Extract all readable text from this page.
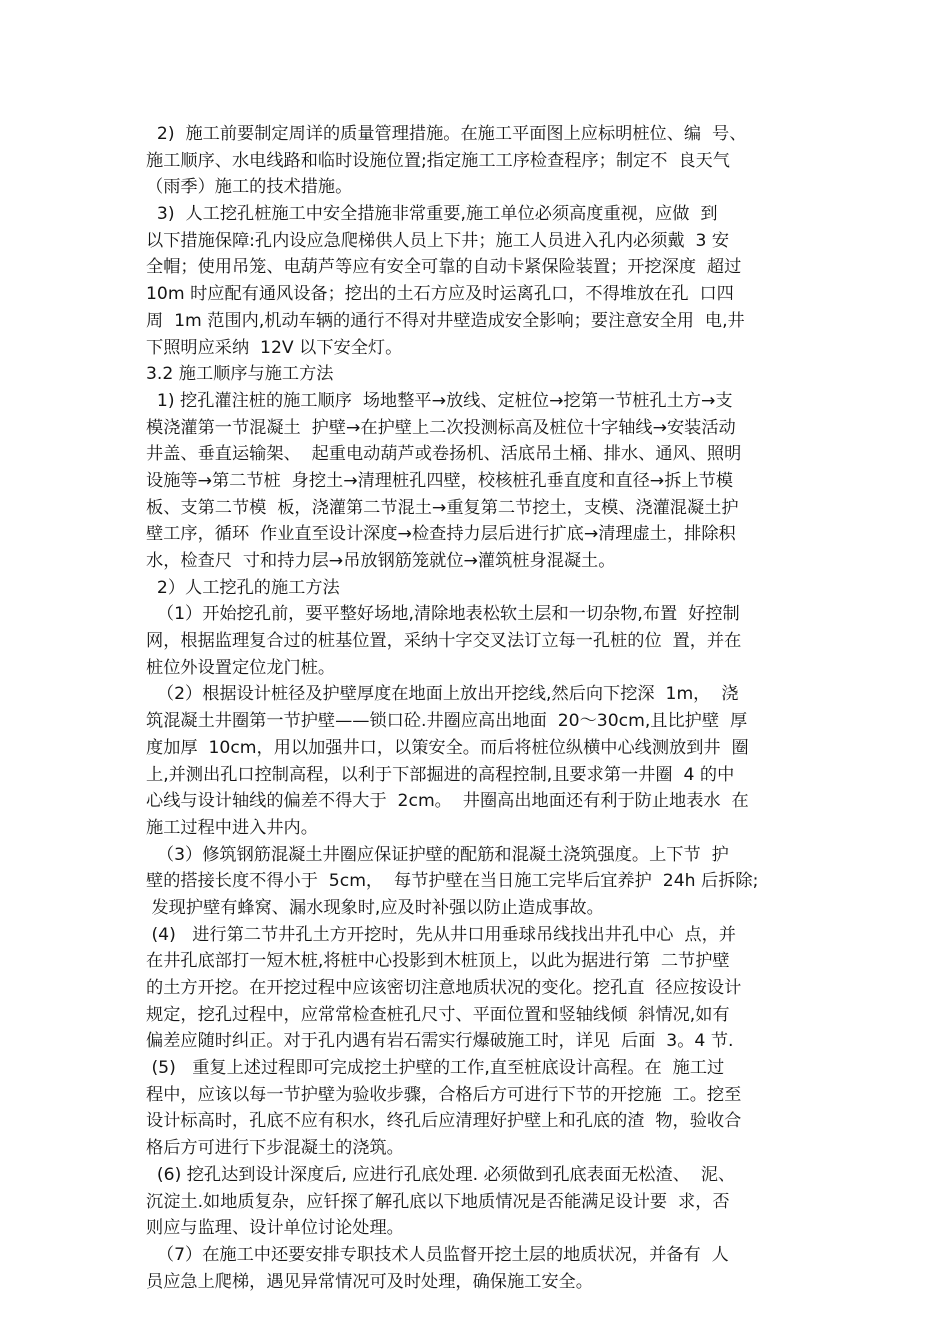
2)  施工前要制定周详的质量管理措施。在施工平面图上应标明桩位、编  号、
施工顺序、水电线路和临时设施位置;指定施工工序检查程序；制定不  良天气
（雨季）施工的技术措施。
3)  人工挖孔桩施工中安全措施非常重要,施工单位必须高度重视，应做  到
以下措施保障:孔内设应急爬梯供人员上下井；施工人员进入孔内必须戴  3 安
全帽；使用吊笼、电葫芦等应有安全可靠的自动卡紧保险装置；开挖深度  超过
10m 时应配有通风设备；挖出的土石方应及时运离孔口，不得堆放在孔  口四
周  1m 范围内,机动车辆的通行不得对井壁造成安全影响；要注意安全用  电,井
下照明应采纳  12V 以下安全灯。
3.2 施工顺序与施工方法
1) 挖孔灌注桩的施工顺序  场地整平→放线、定桩位→挖第一节桩孔土方→支
模浇灌第一节混凝土  护壁→在护壁上二次投测标高及桩位十字轴线→安装活动
井盖、垂直运输架、  起重电动葫芦或卷扬机、活底吊土桶、排水、通风、照明
设施等→第二节桩  身挖土→清理桩孔四壁，校核桩孔垂直度和直径→拆上节模
板、支第二节模  板，浇灌第二节混土→重复第二节挖土，支模、浇灌混凝土护
壁工序，循环  作业直至设计深度→检查持力层后进行扩底→清理虚土，排除积
水，检查尺  寸和持力层→吊放钢筋笼就位→灌筑桩身混凝土。
2）人工挖孔的施工方法
（1）开始挖孔前，要平整好场地,清除地表松软土层和一切杂物,布置  好控制
网，根据监理复合过的桩基位置，采纳十字交叉法订立每一孔桩的位  置，并在
桩位外设置定位龙门桩。
（2）根据设计桩径及护壁厚度在地面上放出开挖线,然后向下挖深  1m，  浇
筑混凝土井圈第一节护壁——锁口砼.井圈应高出地面  20～30cm,且比护壁  厚
度加厚  10cm，用以加强井口，以策安全。而后将桩位纵横中心线测放到井  圈
上,并测出孔口控制高程，以利于下部掘进的高程控制,且要求第一井圈  4 的中
心线与设计轴线的偏差不得大于  2cm。  井圈高出地面还有利于防止地表水  在
施工过程中进入井内。
（3）修筑钢筋混凝土井圈应保证护壁的配筋和混凝土浇筑强度。上下节  护
壁的搭接长度不得小于  5cm，  每节护壁在当日施工完毕后宜养护  24h 后拆除;
发现护壁有蜂窝、漏水现象时,应及时补强以防止造成事故。
(4)   进行第二节井孔土方开挖时，先从井口用垂球吊线找出井孔中心  点，并
在井孔底部打一短木桩,将桩中心投影到木桩顶上，以此为据进行第  二节护壁
的土方开挖。在开挖过程中应该密切注意地质状况的变化。挖孔直  径应按设计
规定，挖孔过程中，应常常检查桩孔尺寸、平面位置和竖轴线倾  斜情况,如有
偏差应随时纠正。对于孔内遇有岩石需实行爆破施工时，详见  后面  3。4 节.
(5)   重复上述过程即可完成挖土护壁的工作,直至桩底设计高程。在  施工过
程中，应该以每一节护壁为验收步骤，合格后方可进行下节的开挖施  工。挖至
设计标高时，孔底不应有积水，终孔后应清理好护壁上和孔底的渣  物，验收合
格后方可进行下步混凝土的浇筑。
(6) 挖孔达到设计深度后, 应进行孔底处理. 必须做到孔底表面无松渣、  泥、
沉淀土.如地质复杂，应钎探了解孔底以下地质情况是否能满足设计要  求，否
则应与监理、设计单位讨论处理。
（7）在施工中还要安排专职技术人员监督开挖土层的地质状况，并备有  人
员应急上爬梯，遇见异常情况可及时处理，确保施工安全。
